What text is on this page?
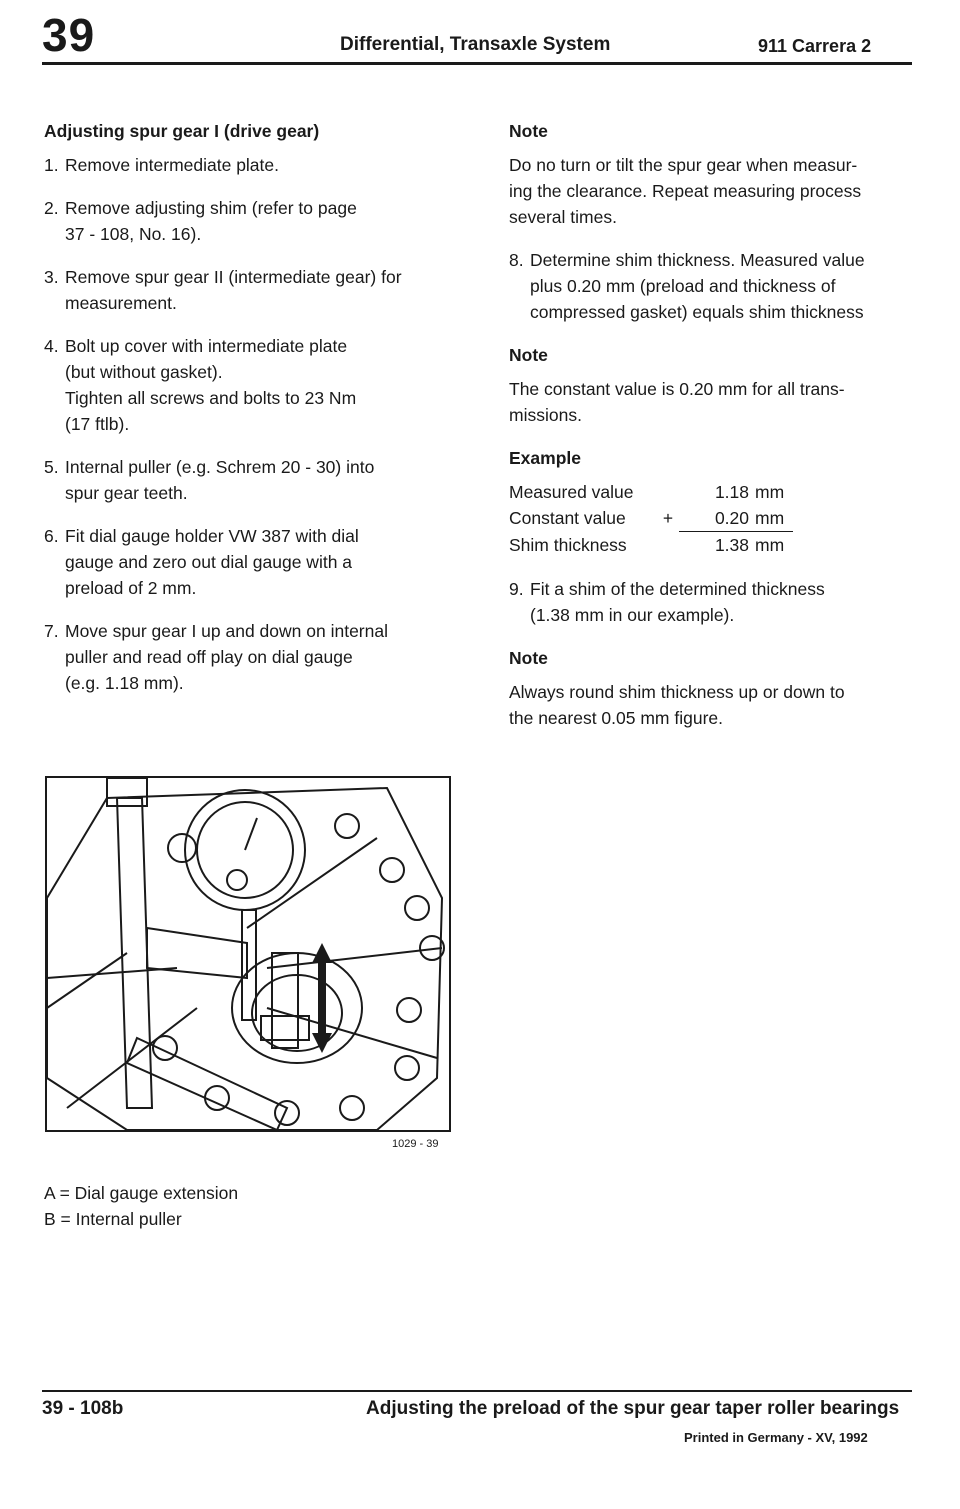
39	Differential, Transaxle System	911 Carrera 2
Adjusting spur gear I (drive gear)
1. Remove intermediate plate.
2. Remove adjusting shim (refer to page
37 - 108, No. 16).
3. Remove spur gear II (intermediate gear) for
measurement.
4. Bolt up cover with intermediate plate
(but without gasket).
Tighten all screws and bolts to 23 Nm
(17 ftlb).
5. Internal puller (e.g. Schrem 20 - 30) into
spur gear teeth.
6. Fit dial gauge holder VW 387 with dial
gauge and zero out dial gauge with a
preload of 2 mm.
7. Move spur gear I up and down on internal
puller and read off play on dial gauge
(e.g. 1.18 mm).
1029 - 39
A = Dial gauge extension
B = Internal puller
Note

Do no turn or tilt the spur gear when measur-
ing the clearance. Repeat measuring process
several times.

8. Determine shim thickness. Measured value
plus 0.20 mm (preload and thickness of
compressed gasket) equals shim thickness
Note

The constant value is 0.20 mm for all trans-
missions.

Example
Measured value		1.18	mm
Constant value	+	0.20	mm
Shim thickness		1.38	mm
9. Fit a shim of the determined thickness
(1.38 mm in our example).
Note

Always round shim thickness up or down to
the nearest 0.05 mm figure.

39 - 108b	Adjusting the preload of the spur gear taper roller bearings
Printed in Germany - XV, 1992
